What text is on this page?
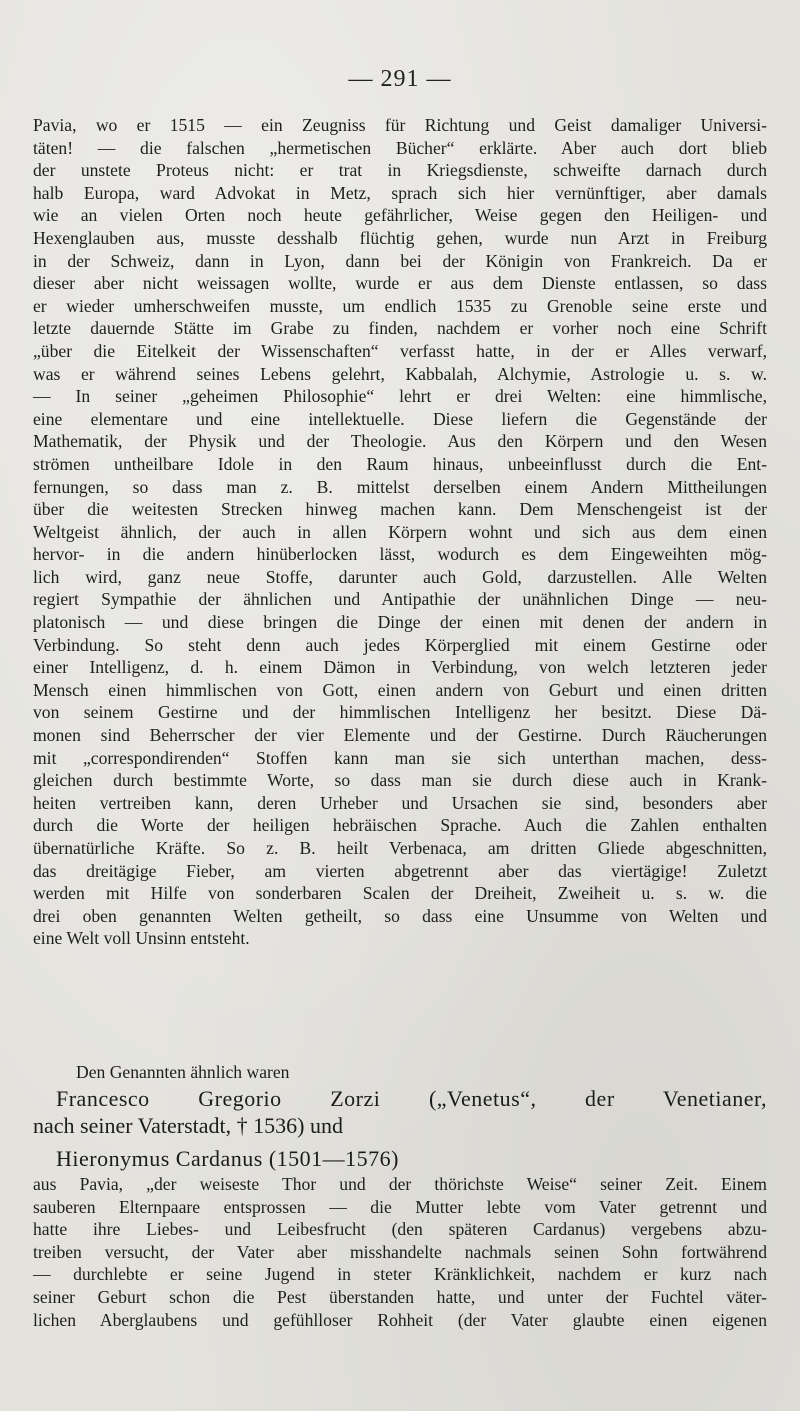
— 291 —
Pavia, wo er 1515 — ein Zeugniss für Richtung und Geist damaliger Universi-
täten! — die falschen „hermetischen Bücher“ erklärte. Aber auch dort blieb
der unstete Proteus nicht: er trat in Kriegsdienste, schweifte darnach durch
halb Europa, ward Advokat in Metz, sprach sich hier vernünftiger, aber damals
wie an vielen Orten noch heute gefährlicher, Weise gegen den Heiligen- und
Hexenglauben aus, musste desshalb flüchtig gehen, wurde nun Arzt in Freiburg
in der Schweiz, dann in Lyon, dann bei der Königin von Frankreich. Da er
dieser aber nicht weissagen wollte, wurde er aus dem Dienste entlassen, so dass
er wieder umherschweifen musste, um endlich 1535 zu Grenoble seine erste und
letzte dauernde Stätte im Grabe zu finden, nachdem er vorher noch eine Schrift
„über die Eitelkeit der Wissenschaften“ verfasst hatte, in der er Alles verwarf,
was er während seines Lebens gelehrt, Kabbalah, Alchymie, Astrologie u. s. w.
— In seiner „geheimen Philosophie“ lehrt er drei Welten: eine himmlische,
eine elementare und eine intellektuelle. Diese liefern die Gegenstände der
Mathematik, der Physik und der Theologie. Aus den Körpern und den Wesen
strömen untheilbare Idole in den Raum hinaus, unbeeinflusst durch die Ent-
fernungen, so dass man z. B. mittelst derselben einem Andern Mittheilungen
über die weitesten Strecken hinweg machen kann. Dem Menschengeist ist der
Weltgeist ähnlich, der auch in allen Körpern wohnt und sich aus dem einen
hervor- in die andern hinüberlocken lässt, wodurch es dem Eingeweihten mög-
lich wird, ganz neue Stoffe, darunter auch Gold, darzustellen. Alle Welten
regiert Sympathie der ähnlichen und Antipathie der unähnlichen Dinge — neu-
platonisch — und diese bringen die Dinge der einen mit denen der andern in
Verbindung. So steht denn auch jedes Körperglied mit einem Gestirne oder
einer Intelligenz, d. h. einem Dämon in Verbindung, von welch letzteren jeder
Mensch einen himmlischen von Gott, einen andern von Geburt und einen dritten
von seinem Gestirne und der himmlischen Intelligenz her besitzt. Diese Dä-
monen sind Beherrscher der vier Elemente und der Gestirne. Durch Räucherungen
mit „correspondirenden“ Stoffen kann man sie sich unterthan machen, dess-
gleichen durch bestimmte Worte, so dass man sie durch diese auch in Krank-
heiten vertreiben kann, deren Urheber und Ursachen sie sind, besonders aber
durch die Worte der heiligen hebräischen Sprache. Auch die Zahlen enthalten
übernatürliche Kräfte. So z. B. heilt Verbenaca, am dritten Gliede abgeschnitten,
das dreitägige Fieber, am vierten abgetrennt aber das viertägige! Zuletzt
werden mit Hilfe von sonderbaren Scalen der Dreiheit, Zweiheit u. s. w. die
drei oben genannten Welten getheilt, so dass eine Unsumme von Welten und
eine Welt voll Unsinn entsteht.
Den Genannten ähnlich waren
Francesco Gregorio Zorzi („Venetus“, der Venetianer,
nach seiner Vaterstadt, † 1536) und
Hieronymus Cardanus (1501—1576)
aus Pavia, „der weiseste Thor und der thörichste Weise“ seiner Zeit. Einem
sauberen Elternpaare entsprossen — die Mutter lebte vom Vater getrennt und
hatte ihre Liebes- und Leibesfrucht (den späteren Cardanus) vergebens abzu-
treiben versucht, der Vater aber misshandelte nachmals seinen Sohn fortwährend
— durchlebte er seine Jugend in steter Kränklichkeit, nachdem er kurz nach
seiner Geburt schon die Pest überstanden hatte, und unter der Fuchtel väter-
lichen Aberglaubens und gefühlloser Rohheit (der Vater glaubte einen eigenen
